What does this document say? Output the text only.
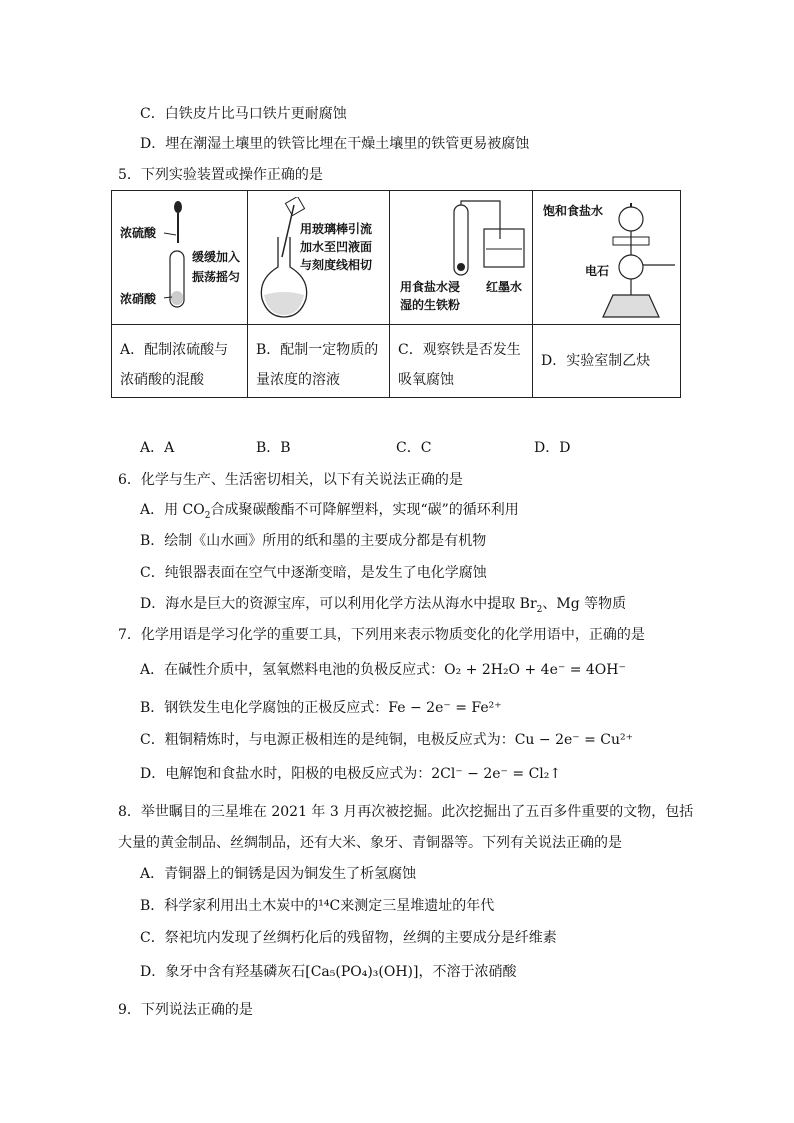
C．白铁皮片比马口铁片更耐腐蚀
D．埋在潮湿土壤里的铁管比埋在干燥土壤里的铁管更易被腐蚀
5．下列实验装置或操作正确的是
浓硫酸
缓缓加入
振荡摇匀
浓硝酸
用玻璃棒引流
加水至凹液面
与刻度线相切
用食盐水浸
湿的生铁粉
红墨水
饱和食盐水
电石
A．配制浓硫酸与浓硝酸的混酸
B．配制一定物质的量浓度的溶液
C．观察铁是否发生吸氧腐蚀
D．实验室制乙炔
A．A	B．B	C．C	D．D
6．化学与生产、生活密切相关，以下有关说法正确的是
A．用 $CO_2$合成聚碳酸酯不可降解塑料，实现“碳”的循环利用
B．绘制《山水画》所用的纸和墨的主要成分都是有机物
C．纯银器表面在空气中逐渐变暗，是发生了电化学腐蚀
D．海水是巨大的资源宝库，可以利用化学方法从海水中提取 $Br_2$、Mg 等物质
7．化学用语是学习化学的重要工具，下列用来表示物质变化的化学用语中，正确的是
A．在碱性介质中，氢氧燃料电池的负极反应式：O₂ + 2H₂O + 4e⁻ = 4OH⁻
B．钢铁发生电化学腐蚀的正极反应式：Fe − 2e⁻ = Fe²⁺
C．粗铜精炼时，与电源正极相连的是纯铜，电极反应式为：Cu − 2e⁻ = Cu²⁺
D．电解饱和食盐水时，阳极的电极反应式为：2Cl⁻ − 2e⁻ = Cl₂↑
8．举世瞩目的三星堆在 2021 年 3 月再次被挖掘。此次挖掘出了五百多件重要的文物，包括
大量的黄金制品、丝绸制品，还有大米、象牙、青铜器等。下列有关说法正确的是
A．青铜器上的铜锈是因为铜发生了析氢腐蚀
B．科学家利用出土木炭中的¹⁴C来测定三星堆遗址的年代
C．祭祀坑内发现了丝绸朽化后的残留物，丝绸的主要成分是纤维素
D．象牙中含有羟基磷灰石[Ca₅(PO₄)₃(OH)]，不溶于浓硝酸
9．下列说法正确的是
